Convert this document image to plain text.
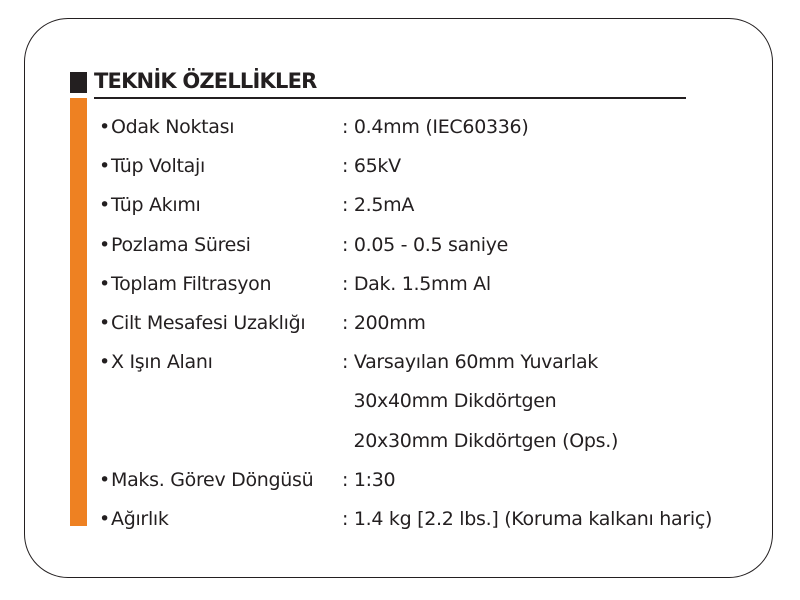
TEKNİK ÖZELLİKLER
•Odak Noktası	: 0.4mm (IEC60336)
•Tüp Voltajı	: 65kV
•Tüp Akımı	: 2.5mA
•Pozlama Süresi	: 0.05 - 0.5 saniye
•Toplam Filtrasyon	: Dak. 1.5mm Al
•Cilt Mesafesi Uzaklığı : 200mm
•X Işın Alanı	: Varsayılan 60mm Yuvarlak
30x40mm Dikdörtgen
20x30mm Dikdörtgen (Ops.)
•Maks. Görev Döngüsü : 1:30
•Ağırlık	: 1.4 kg [2.2 lbs.] (Koruma kalkanı hariç)
